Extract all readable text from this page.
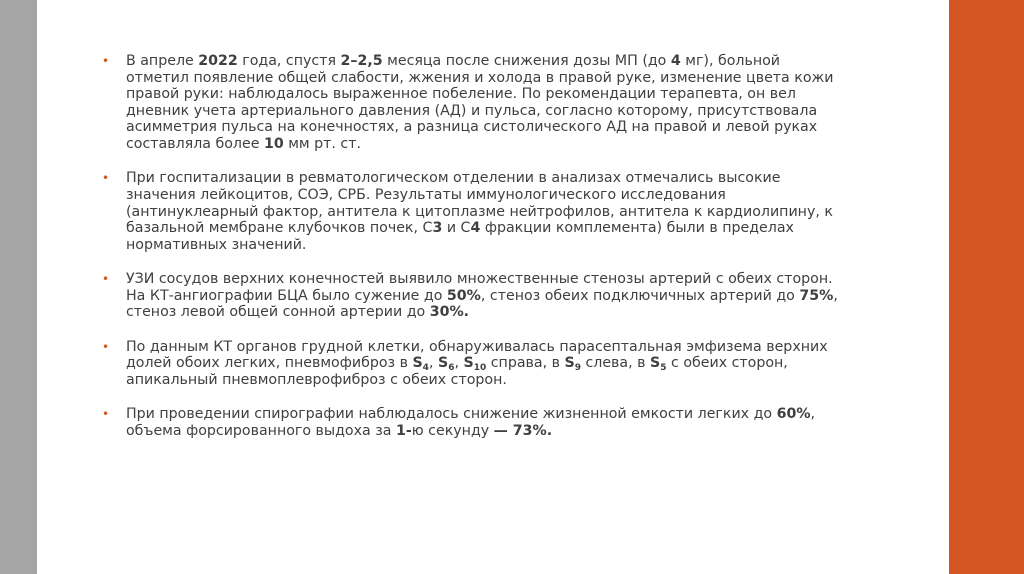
•	В апреле 2022 года, спустя 2–2,5 месяца после снижения дозы МП (до 4 мг), больной отметил появление общей слабости, жжения и холода в правой руке, изменение цвета кожи правой руки: наблюдалось выраженное побеление. По рекомендации терапевта, он вел дневник учета артериального давления (АД) и пульса, согласно которому, присутствовала асимметрия пульса на конечностях, а разница систолического АД на правой и левой руках составляла более 10 мм рт. ст.
•	При госпитализации в ревматологическом отделении в анализах отмечались высокие значения лейкоцитов, СОЭ, СРБ. Результаты иммунологического исследования (антинуклеарный фактор, антитела к цитоплазме нейтрофилов, антитела к кардиолипину, к базальной мембране клубочков почек, С3 и С4 фракции комплемента) были в пределах нормативных значений.
•	УЗИ сосудов верхних конечностей выявило множественные стенозы артерий с обеих сторон. На КТ-ангиографии БЦА было сужение до 50%, стеноз обеих подключичных артерий до 75%, стеноз левой общей сонной артерии до 30%.
•	По данным КТ органов грудной клетки, обнаруживалась парасептальная эмфизема верхних долей обоих легких, пневмофиброз в $S_4$, $S_6$, $S_{10}$ справа, в $S_9$ слева, в $S_5$ с обеих сторон, апикальный пневмоплеврофиброз с обеих сторон.
•	При проведении спирографии наблюдалось снижение жизненной емкости легких до 60%, объема форсированного выдоха за 1-ю секунду — 73%.
